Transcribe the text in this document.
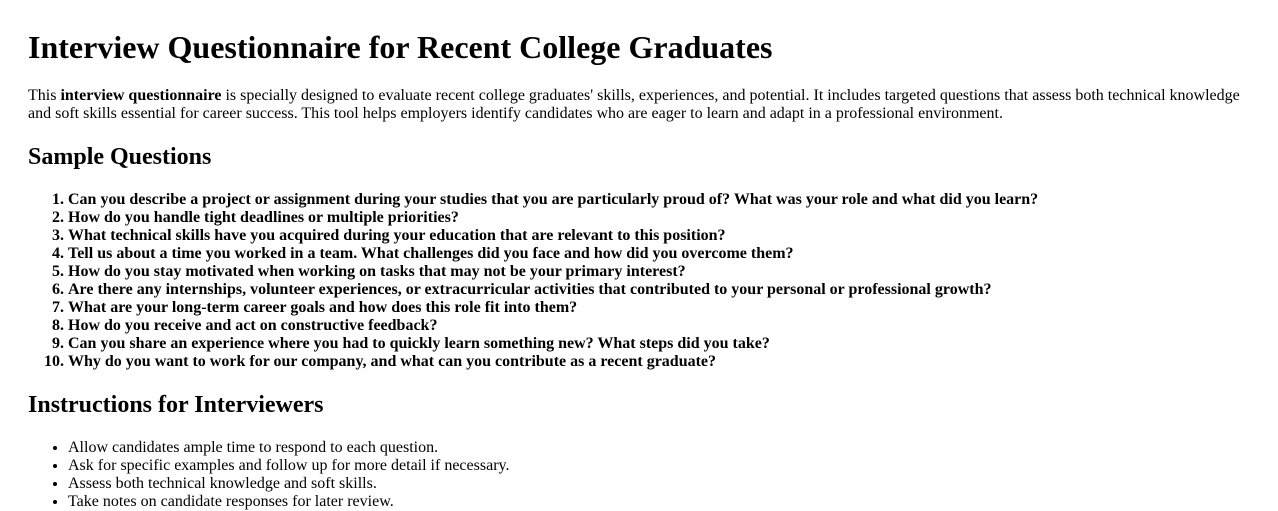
Interview Questionnaire for Recent College Graduates

This interview questionnaire is specially designed to evaluate recent college graduates' skills, experiences, and potential. It includes targeted questions that assess both technical knowledge and soft skills essential for career success. This tool helps employers identify candidates who are eager to learn and adapt in a professional environment.

Sample Questions
1. Can you describe a project or assignment during your studies that you are particularly proud of? What was your role and what did you learn?
2. How do you handle tight deadlines or multiple priorities?
3. What technical skills have you acquired during your education that are relevant to this position?
4. Tell us about a time you worked in a team. What challenges did you face and how did you overcome them?
5. How do you stay motivated when working on tasks that may not be your primary interest?
6. Are there any internships, volunteer experiences, or extracurricular activities that contributed to your personal or professional growth?
7. What are your long-term career goals and how does this role fit into them?
8. How do you receive and act on constructive feedback?
9. Can you share an experience where you had to quickly learn something new? What steps did you take?
10. Why do you want to work for our company, and what can you contribute as a recent graduate?
Instructions for Interviewers
• Allow candidates ample time to respond to each question.
• Ask for specific examples and follow up for more detail if necessary.
• Assess both technical knowledge and soft skills.
• Take notes on candidate responses for later review.
